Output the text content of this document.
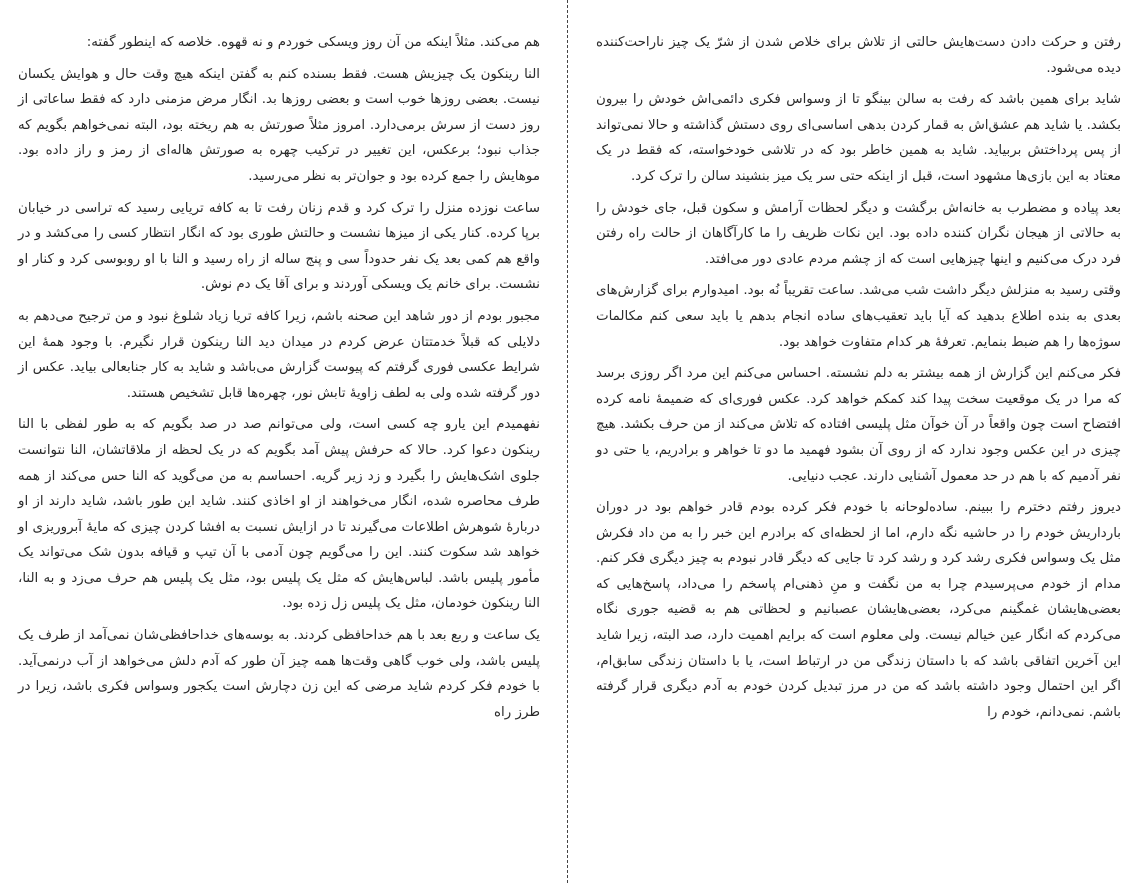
رفتن و حرکت دادن دست‌هایش حالتی از تلاش برای خلاص شدن از شرّ یک چیز ناراحت‌کننده دیده می‌شود.

شاید برای همین باشد که رفت به سالن بینگو تا از وسواس فکری دائمی‌اش خودش را بیرون بکشد. یا شاید هم عشق‌اش به قمار کردن بدهی اساسی‌ای روی دستش گذاشته و حالا نمی‌تواند از پس پرداختش بربیاید. شاید به همین خاطر بود که در تلاشی خودخواسته، که فقط در یک معتاد به این بازی‌ها مشهود است، قبل از اینکه حتی سر یک میز بنشیند سالن را ترک کرد.

بعد پیاده و مضطرب به خانه‌اش برگشت و دیگر لحظات آرامش و سکون قبل، جای خودش را به حالاتی از هیجان نگران کننده داده بود. این نکات ظریف را ما کارآگاهان از حالت راه رفتن فرد درک می‌کنیم و اینها چیزهایی است که از چشم مردم عادی دور می‌افتد.

وقتی رسید به منزلش دیگر داشت شب می‌شد. ساعت تقریباً نُه بود. امیدوارم برای گزارش‌های بعدی به بنده اطلاع بدهید که آیا باید تعقیب‌های ساده انجام بدهم یا باید سعی کنم مکالمات سوژه‌ها را هم ضبط بنمایم. تعرفهٔ هر کدام متفاوت خواهد بود.

فکر می‌کنم این گزارش از همه بیشتر به دلم نشسته. احساس می‌کنم این مرد اگر روزی برسد که مرا در یک موقعیت سخت پیدا کند کمکم خواهد کرد. عکس فوری‌ای که ضمیمهٔ نامه کرده افتضاح است چون واقعاً در آن خوآن مثل پلیسی افتاده که تلاش می‌کند از من حرف بکشد. هیچ چیزی در این عکس وجود ندارد که از روی آن بشود فهمید ما دو تا خواهر و برادریم، یا حتی دو نفر آدمیم که با هم در حد معمول آشنایی دارند. عجب دنیایی.

دیروز رفتم دخترم را ببینم. ساده‌لوحانه با خودم فکر کرده بودم قادر خواهم بود در دوران بارداریش خودم را در حاشیه نگه دارم، اما از لحظه‌ای که برادرم این خبر را به من داد فکرش مثل یک وسواس فکری رشد کرد و رشد کرد تا جایی که دیگر قادر نبودم به چیز دیگری فکر کنم. مدام از خودم می‌پرسیدم چرا به من نگفت و منِ ذهنی‌ام پاسخم را می‌داد، پاسخ‌هایی که بعضی‌هایشان غمگینم می‌کرد، بعضی‌هایشان عصبانیم و لحظاتی هم به قضیه جوری نگاه می‌کردم که انگار عین خیالم نیست. ولی معلوم است که برایم اهمیت دارد، صد البته، زیرا شاید این آخرین اتفاقی باشد که با داستان زندگی من در ارتباط است، یا با داستان زندگی سابق‌ام، اگر این احتمال وجود داشته باشد که من در مرز تبدیل کردن خودم به آدم دیگری قرار گرفته باشم. نمی‌دانم، خودم را

هم می‌کند. مثلاً اینکه من آن روز ویسکی خوردم و نه قهوه. خلاصه که اینطور گفته:

النا رینکون یک چیزیش هست. فقط بسنده کنم به گفتن اینکه هیچ وقت حال و هوایش یکسان نیست. بعضی روزها خوب است و بعضی روزها بد. انگار مرض مزمنی دارد که فقط ساعاتی از روز دست از سرش برمی‌دارد. امروز مثلاً صورتش به هم ریخته بود، البته نمی‌خواهم بگویم که جذاب نبود؛ برعکس، این تغییر در ترکیب چهره به صورتش هاله‌ای از رمز و راز داده بود. موهایش را جمع کرده بود و جوان‌تر به نظر می‌رسید.

ساعت نوزده منزل را ترک کرد و قدم زنان رفت تا به کافه تریایی رسید که تراسی در خیابان برپا کرده. کنار یکی از میزها نشست و حالتش طوری بود که انگار انتظار کسی را می‌کشد و در واقع هم کمی بعد یک نفر حدوداً سی و پنج ساله از راه رسید و النا با او روبوسی کرد و کنار او نشست. برای خانم یک ویسکی آوردند و برای آقا یک دم نوش.

مجبور بودم از دور شاهد این صحنه باشم، زیرا کافه تریا زیاد شلوغ نبود و من ترجیح می‌دهم به دلایلی که قبلاً خدمتتان عرض کردم در میدان دید النا رینکون قرار نگیرم. با وجود همهٔ این شرایط عکسی فوری گرفتم که پیوست گزارش می‌باشد و شاید به کار جنابعالی بیاید. عکس از دور گرفته شده ولی به لطف زاویهٔ تابش نور، چهره‌ها قابل تشخیص هستند.

نفهمیدم این یارو چه کسی است، ولی می‌توانم صد در صد بگویم که به طور لفظی با النا رینکون دعوا کرد. حالا که حرفش پیش آمد بگویم که در یک لحظه از ملاقاتشان، النا نتوانست جلوی اشک‌هایش را بگیرد و زد زیر گریه. احساسم به من می‌گوید که النا حس می‌کند از همه طرف محاصره شده، انگار می‌خواهند از او اخاذی کنند. شاید این طور باشد، شاید دارند از او دربارهٔ شوهرش اطلاعات می‌گیرند تا در ازایش نسبت به افشا کردن چیزی که مایهٔ آبروریزی او خواهد شد سکوت کنند. این را می‌گویم چون آدمی با آن تیپ و قیافه بدون شک می‌تواند یک مأمور پلیس باشد. لباس‌هایش که مثل یک پلیس بود، مثل یک پلیس هم حرف می‌زد و به النا، النا رینکون خودمان، مثل یک پلیس زل زده بود.

یک ساعت و ربع بعد با هم خداحافظی کردند. به بوسه‌های خداحافظی‌شان نمی‌آمد از طرف یک پلیس باشد، ولی خوب گاهی وقت‌ها همه چیز آن طور که آدم دلش می‌خواهد از آب درنمی‌آید. با خودم فکر کردم شاید مرضی که این زن دچارش است یکجور وسواس فکری باشد، زیرا در طرز راه
